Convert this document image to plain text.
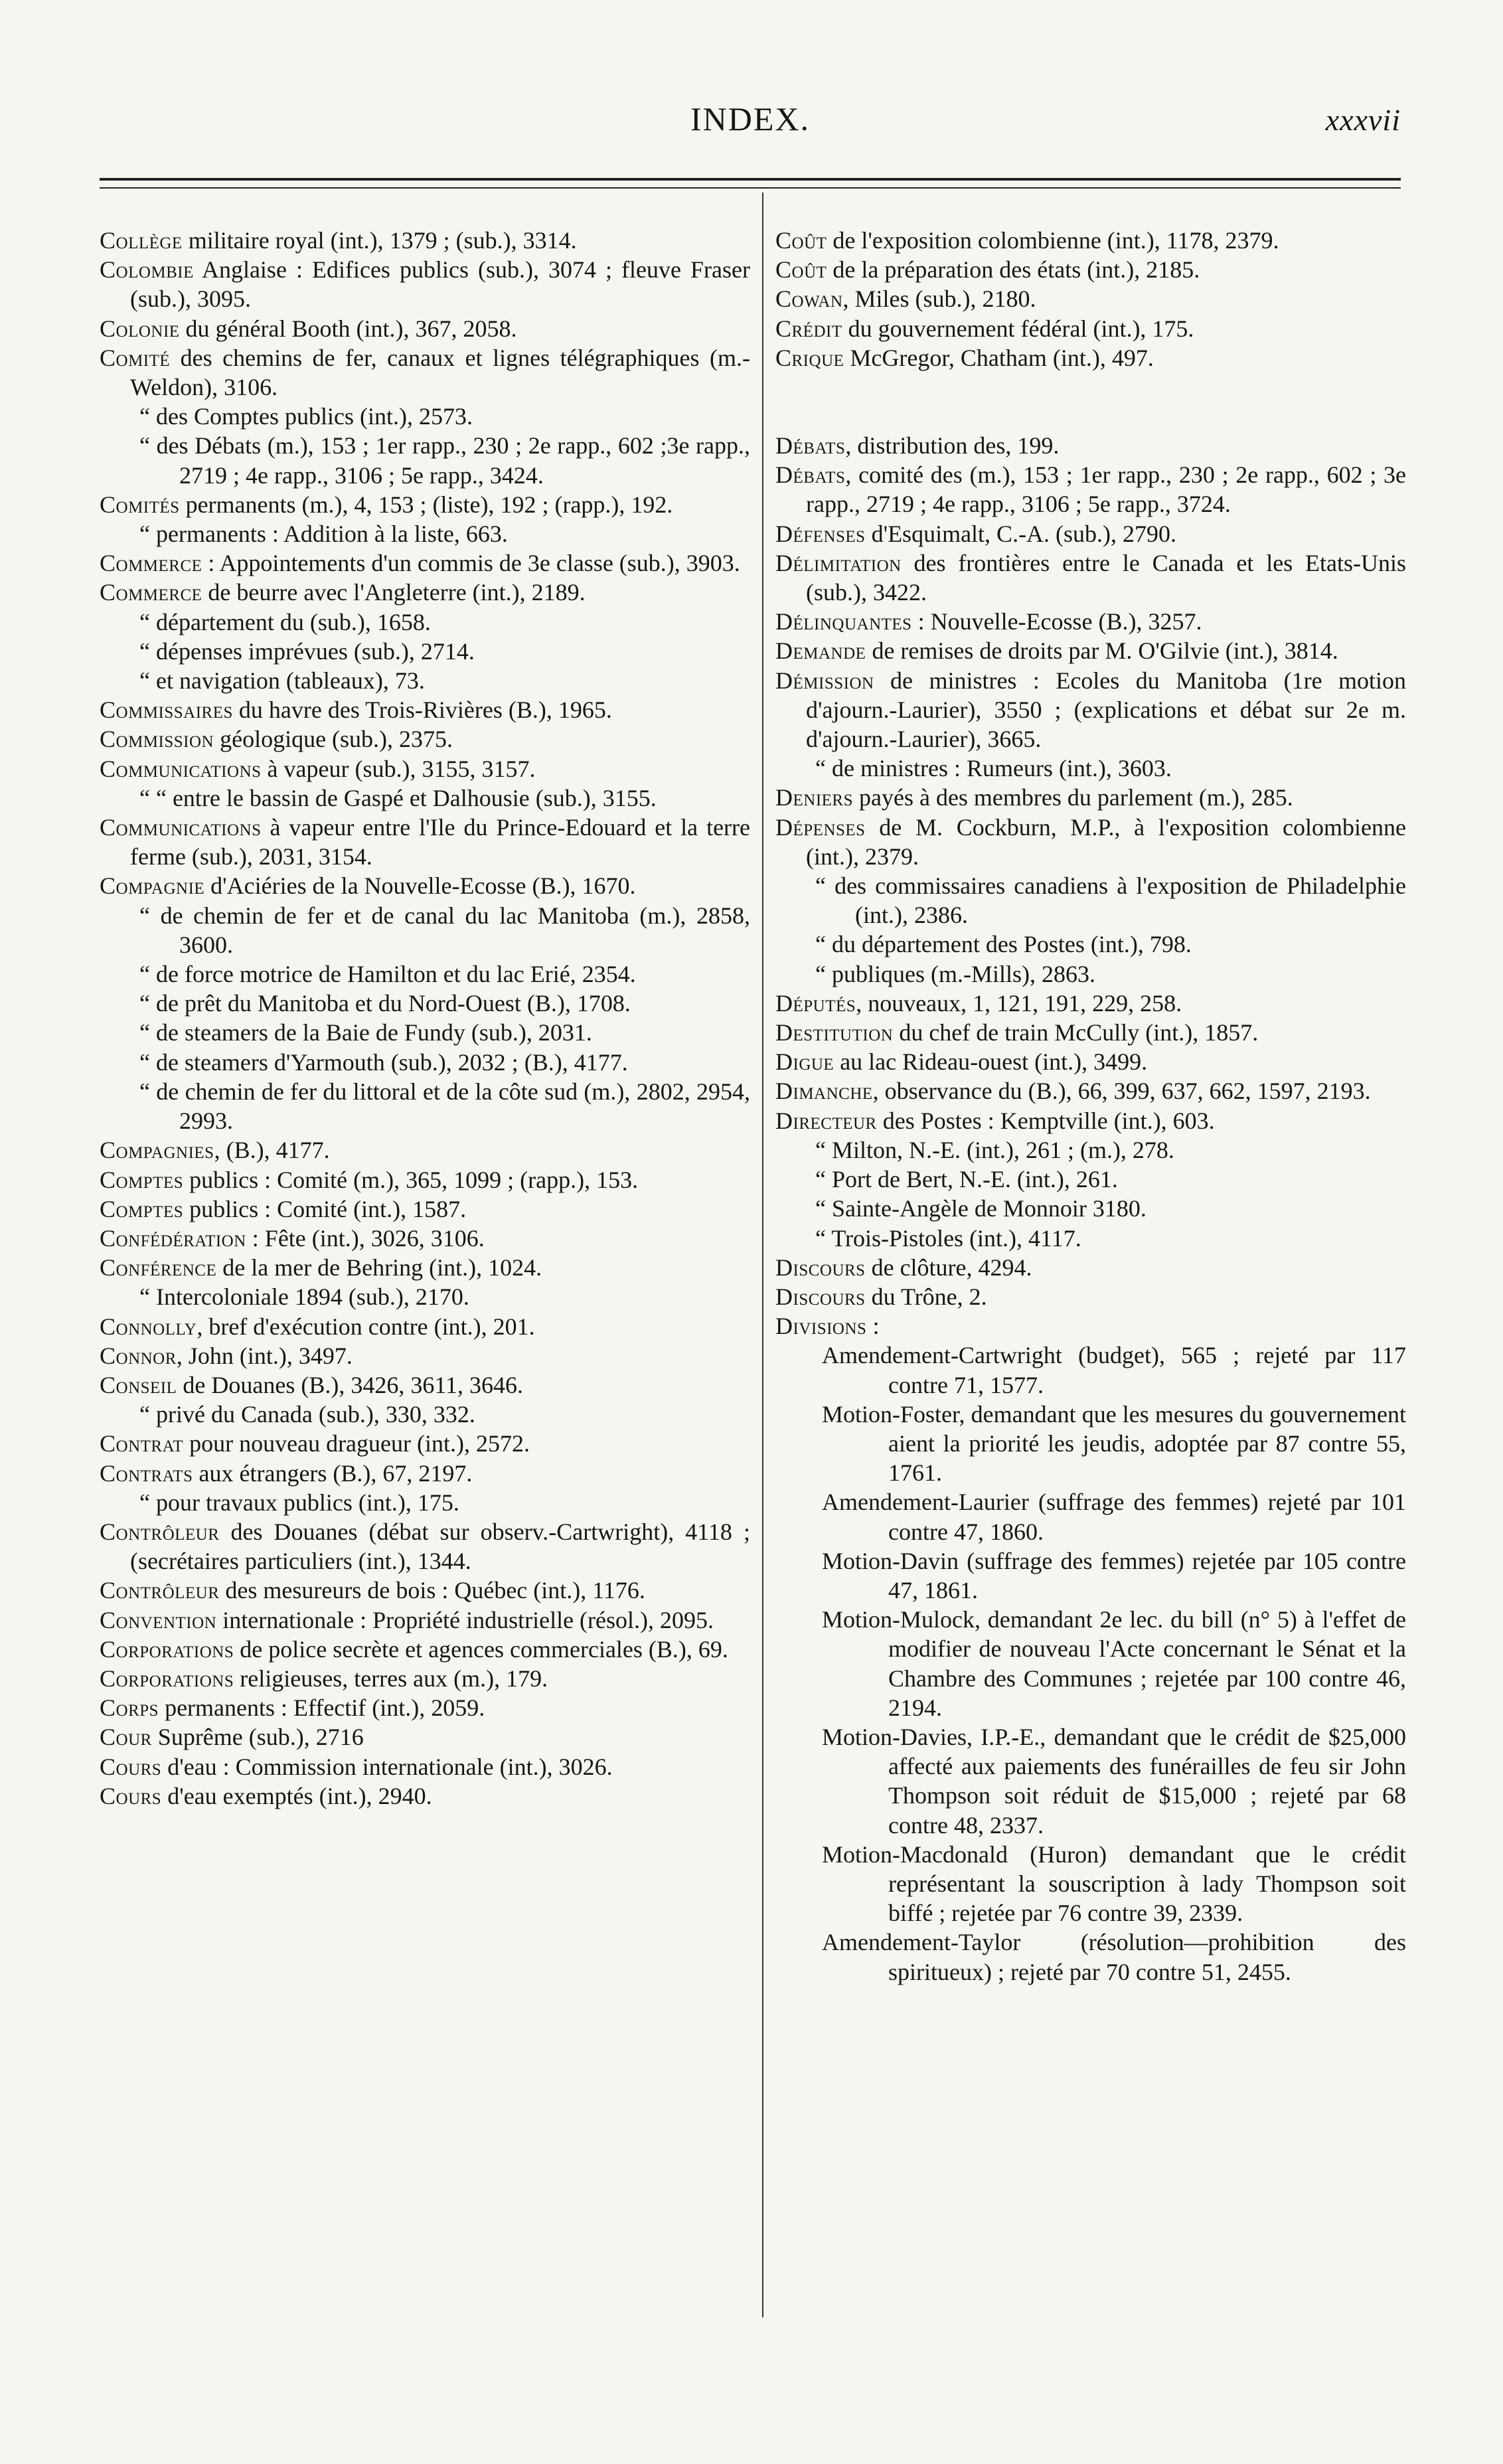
INDEX.	xxxvii

Collège militaire royal (int.), 1379 ; (sub.), 3314.

Colombie Anglaise : Edifices publics (sub.), 3074 ; fleuve Fraser (sub.), 3095.

Colonie du général Booth (int.), 367, 2058.

Comité des chemins de fer, canaux et lignes télégraphiques (m.-Weldon), 3106.

“ des Comptes publics (int.), 2573.

“ des Débats (m.), 153 ; 1er rapp., 230 ; 2e rapp., 602 ;3e rapp., 2719 ; 4e rapp., 3106 ; 5e rapp., 3424.

Comités permanents (m.), 4, 153 ; (liste), 192 ; (rapp.), 192.

“ permanents : Addition à la liste, 663.

Commerce : Appointements d'un commis de 3e classe (sub.), 3903.

Commerce de beurre avec l'Angleterre (int.), 2189.

“ département du (sub.), 1658.

“ dépenses imprévues (sub.), 2714.

“ et navigation (tableaux), 73.

Commissaires du havre des Trois-Rivières (B.), 1965.

Commission géologique (sub.), 2375.

Communications à vapeur (sub.), 3155, 3157.

“ “ entre le bassin de Gaspé et Dalhousie (sub.), 3155.

Communications à vapeur entre l'Ile du Prince-Edouard et la terre ferme (sub.), 2031, 3154.

Compagnie d'Aciéries de la Nouvelle-Ecosse (B.), 1670.

“ de chemin de fer et de canal du lac Manitoba (m.), 2858, 3600.

“ de force motrice de Hamilton et du lac Erié, 2354.

“ de prêt du Manitoba et du Nord-Ouest (B.), 1708.

“ de steamers de la Baie de Fundy (sub.), 2031.

“ de steamers d'Yarmouth (sub.), 2032 ; (B.), 4177.

“ de chemin de fer du littoral et de la côte sud (m.), 2802, 2954, 2993.

Compagnies, (B.), 4177.

Comptes publics : Comité (m.), 365, 1099 ; (rapp.), 153.

Comptes publics : Comité (int.), 1587.

Confédération : Fête (int.), 3026, 3106.

Conférence de la mer de Behring (int.), 1024.

“ Intercoloniale 1894 (sub.), 2170.

Connolly, bref d'exécution contre (int.), 201.

Connor, John (int.), 3497.

Conseil de Douanes (B.), 3426, 3611, 3646.

“ privé du Canada (sub.), 330, 332.

Contrat pour nouveau dragueur (int.), 2572.

Contrats aux étrangers (B.), 67, 2197.

“ pour travaux publics (int.), 175.

Contrôleur des Douanes (débat sur observ.-Cartwright), 4118 ; (secrétaires particuliers (int.), 1344.

Contrôleur des mesureurs de bois : Québec (int.), 1176.

Convention internationale : Propriété industrielle (résol.), 2095.

Corporations de police secrète et agences commerciales (B.), 69.

Corporations religieuses, terres aux (m.), 179.

Corps permanents : Effectif (int.), 2059.

Cour Suprême (sub.), 2716

Cours d'eau : Commission internationale (int.), 3026.

Cours d'eau exemptés (int.), 2940.

Coût de l'exposition colombienne (int.), 1178, 2379.

Coût de la préparation des états (int.), 2185.

Cowan, Miles (sub.), 2180.

Crédit du gouvernement fédéral (int.), 175.

Crique McGregor, Chatham (int.), 497.

Débats, distribution des, 199.

Débats, comité des (m.), 153 ; 1er rapp., 230 ; 2e rapp., 602 ; 3e rapp., 2719 ; 4e rapp., 3106 ; 5e rapp., 3724.

Défenses d'Esquimalt, C.-A. (sub.), 2790.

Délimitation des frontières entre le Canada et les Etats-Unis (sub.), 3422.

Délinquantes : Nouvelle-Ecosse (B.), 3257.

Demande de remises de droits par M. O'Gilvie (int.), 3814.

Démission de ministres : Ecoles du Manitoba (1re motion d'ajourn.-Laurier), 3550 ; (explications et débat sur 2e m. d'ajourn.-Laurier), 3665.

“ de ministres : Rumeurs (int.), 3603.

Deniers payés à des membres du parlement (m.), 285.

Dépenses de M. Cockburn, M.P., à l'exposition colombienne (int.), 2379.

“ des commissaires canadiens à l'exposition de Philadelphie (int.), 2386.

“ du département des Postes (int.), 798.

“ publiques (m.-Mills), 2863.

Députés, nouveaux, 1, 121, 191, 229, 258.

Destitution du chef de train McCully (int.), 1857.

Digue au lac Rideau-ouest (int.), 3499.

Dimanche, observance du (B.), 66, 399, 637, 662, 1597, 2193.

Directeur des Postes : Kemptville (int.), 603.

“ Milton, N.-E. (int.), 261 ; (m.), 278.

“ Port de Bert, N.-E. (int.), 261.

“ Sainte-Angèle de Monnoir 3180.

“ Trois-Pistoles (int.), 4117.

Discours de clôture, 4294.

Discours du Trône, 2.

Divisions :

Amendement-Cartwright (budget), 565 ; rejeté par 117 contre 71, 1577.

Motion-Foster, demandant que les mesures du gouvernement aient la priorité les jeudis, adoptée par 87 contre 55, 1761.

Amendement-Laurier (suffrage des femmes) rejeté par 101 contre 47, 1860.

Motion-Davin (suffrage des femmes) rejetée par 105 contre 47, 1861.

Motion-Mulock, demandant 2e lec. du bill (n° 5) à l'effet de modifier de nouveau l'Acte concernant le Sénat et la Chambre des Communes ; rejetée par 100 contre 46, 2194.

Motion-Davies, I.P.-E., demandant que le crédit de $25,000 affecté aux paiements des funérailles de feu sir John Thompson soit réduit de $15,000 ; rejeté par 68 contre 48, 2337.

Motion-Macdonald (Huron) demandant que le crédit représentant la souscription à lady Thompson soit biffé ; rejetée par 76 contre 39, 2339.

Amendement-Taylor (résolution—prohibition des spiritueux) ; rejeté par 70 contre 51, 2455.
